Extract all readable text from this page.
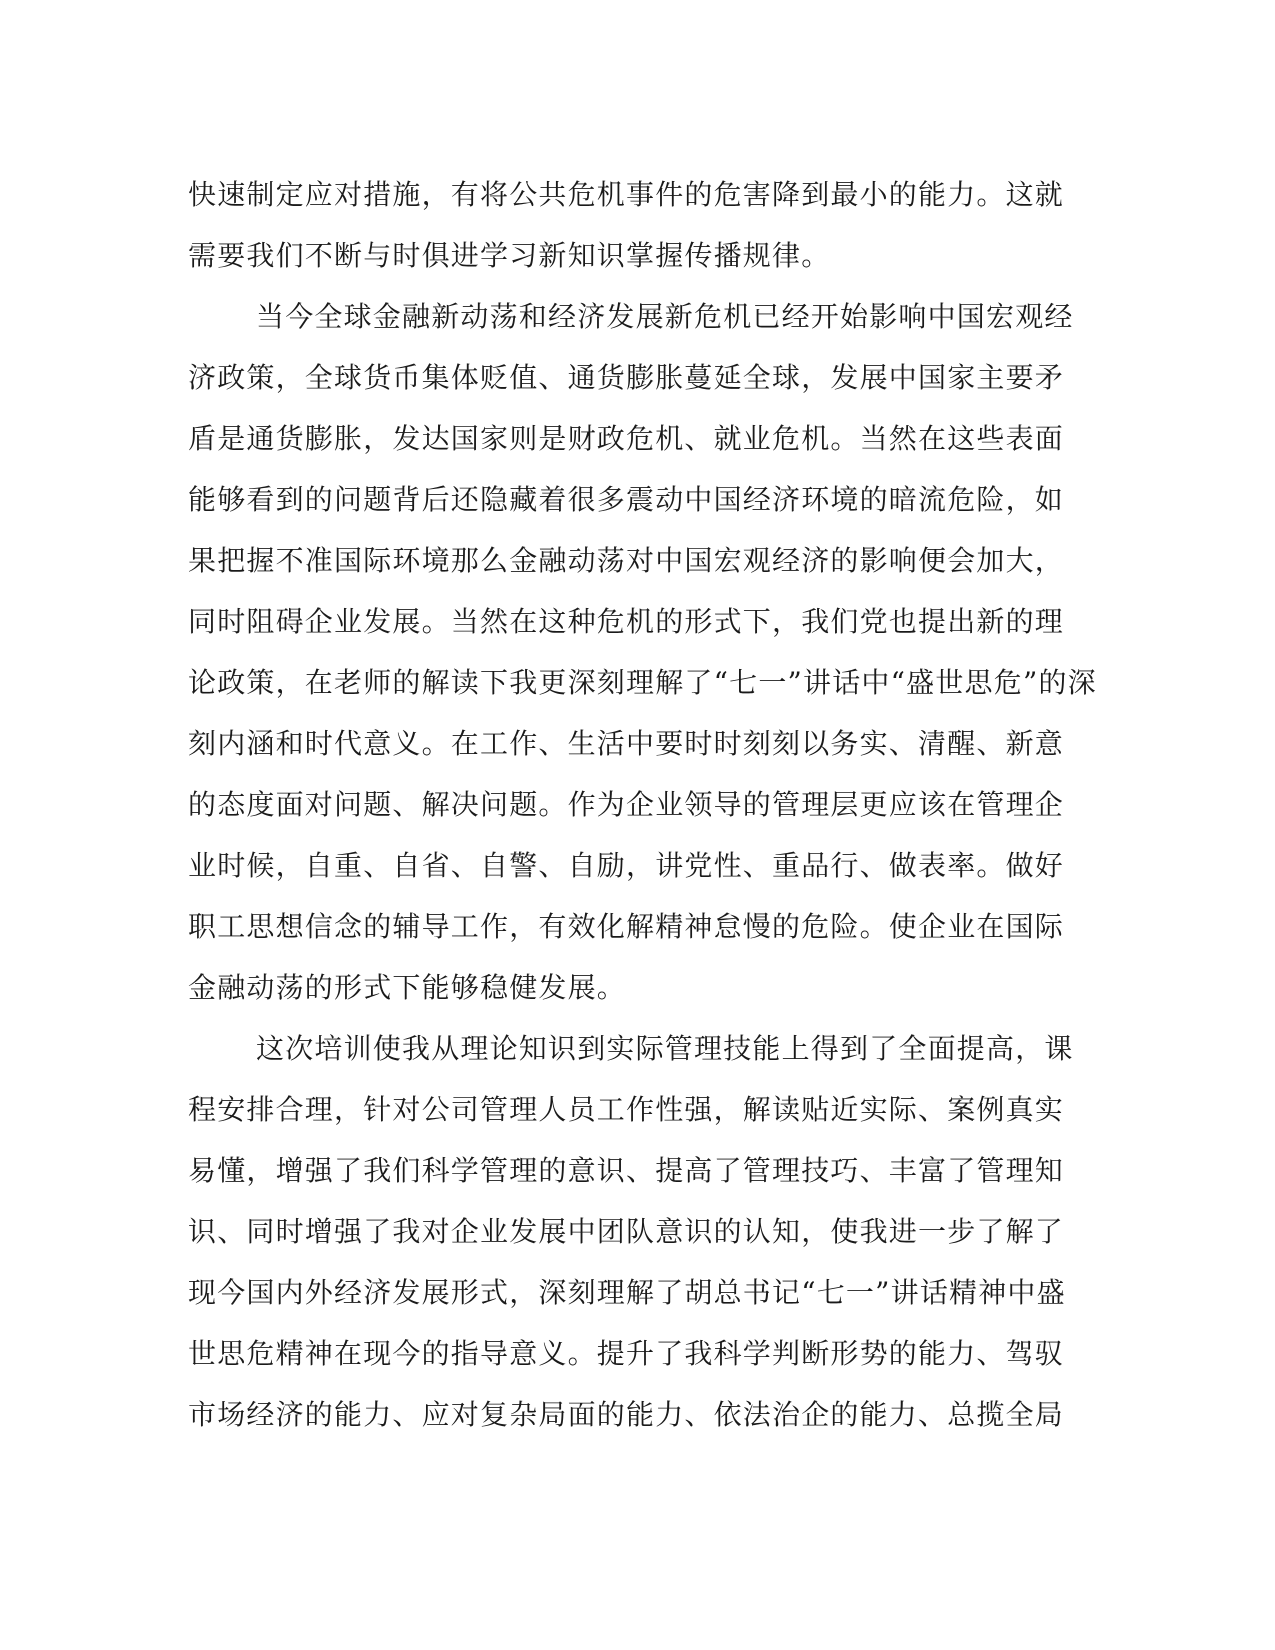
快速制定应对措施，有将公共危机事件的危害降到最小的能力。这就
需要我们不断与时俱进学习新知识掌握传播规律。
当今全球金融新动荡和经济发展新危机已经开始影响中国宏观经
济政策，全球货币集体贬值、通货膨胀蔓延全球，发展中国家主要矛
盾是通货膨胀，发达国家则是财政危机、就业危机。当然在这些表面
能够看到的问题背后还隐藏着很多震动中国经济环境的暗流危险，如
果把握不准国际环境那么金融动荡对中国宏观经济的影响便会加大，
同时阻碍企业发展。当然在这种危机的形式下，我们党也提出新的理
论政策，在老师的解读下我更深刻理解了“七一”讲话中“盛世思危”的深
刻内涵和时代意义。在工作、生活中要时时刻刻以务实、清醒、新意
的态度面对问题、解决问题。作为企业领导的管理层更应该在管理企
业时候，自重、自省、自警、自励，讲党性、重品行、做表率。做好
职工思想信念的辅导工作，有效化解精神怠慢的危险。使企业在国际
金融动荡的形式下能够稳健发展。
这次培训使我从理论知识到实际管理技能上得到了全面提高，课
程安排合理，针对公司管理人员工作性强，解读贴近实际、案例真实
易懂，增强了我们科学管理的意识、提高了管理技巧、丰富了管理知
识、同时增强了我对企业发展中团队意识的认知，使我进一步了解了
现今国内外经济发展形式，深刻理解了胡总书记“七一”讲话精神中盛
世思危精神在现今的指导意义。提升了我科学判断形势的能力、驾驭
市场经济的能力、应对复杂局面的能力、依法治企的能力、总揽全局
